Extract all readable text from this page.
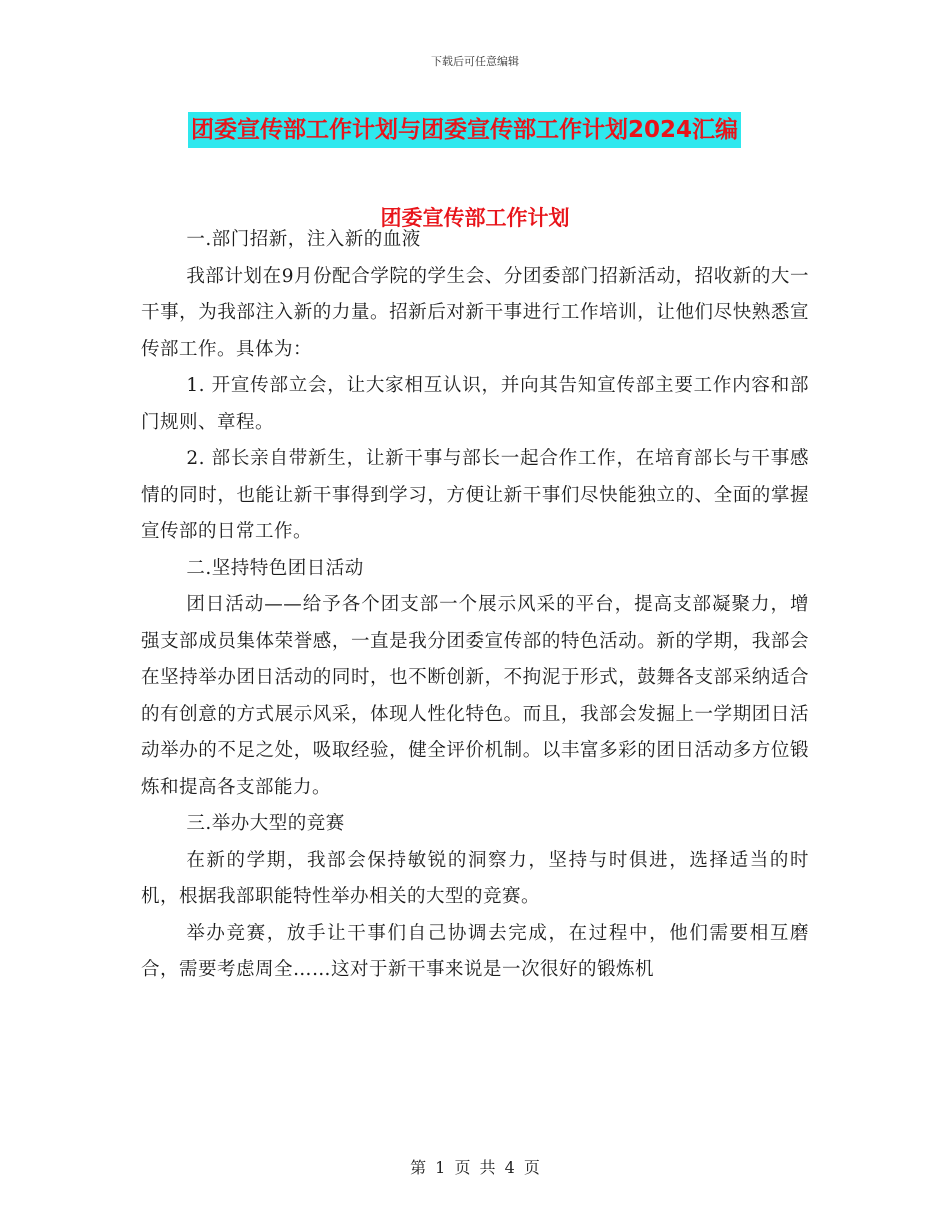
下载后可任意编辑
团委宣传部工作计划与团委宣传部工作计划2024汇编
团委宣传部工作计划

一.部门招新，注入新的血液

我部计划在9月份配合学院的学生会、分团委部门招新活动，招收新的大一干事，为我部注入新的力量。招新后对新干事进行工作培训，让他们尽快熟悉宣传部工作。具体为：

1. 开宣传部立会，让大家相互认识，并向其告知宣传部主要工作内容和部门规则、章程。

2. 部长亲自带新生，让新干事与部长一起合作工作，在培育部长与干事感情的同时，也能让新干事得到学习，方便让新干事们尽快能独立的、全面的掌握宣传部的日常工作。

二.坚持特色团日活动

团日活动——给予各个团支部一个展示风采的平台，提高支部凝聚力，增强支部成员集体荣誉感，一直是我分团委宣传部的特色活动。新的学期，我部会在坚持举办团日活动的同时，也不断创新，不拘泥于形式，鼓舞各支部采纳适合的有创意的方式展示风采，体现人性化特色。而且，我部会发掘上一学期团日活动举办的不足之处，吸取经验，健全评价机制。以丰富多彩的团日活动多方位锻炼和提高各支部能力。

三.举办大型的竞赛

在新的学期，我部会保持敏锐的洞察力，坚持与时俱进，选择适当的时机，根据我部职能特性举办相关的大型的竞赛。

举办竞赛，放手让干事们自己协调去完成，在过程中，他们需要相互磨合，需要考虑周全……这对于新干事来说是一次很好的锻炼机

第 1 页 共 4 页
